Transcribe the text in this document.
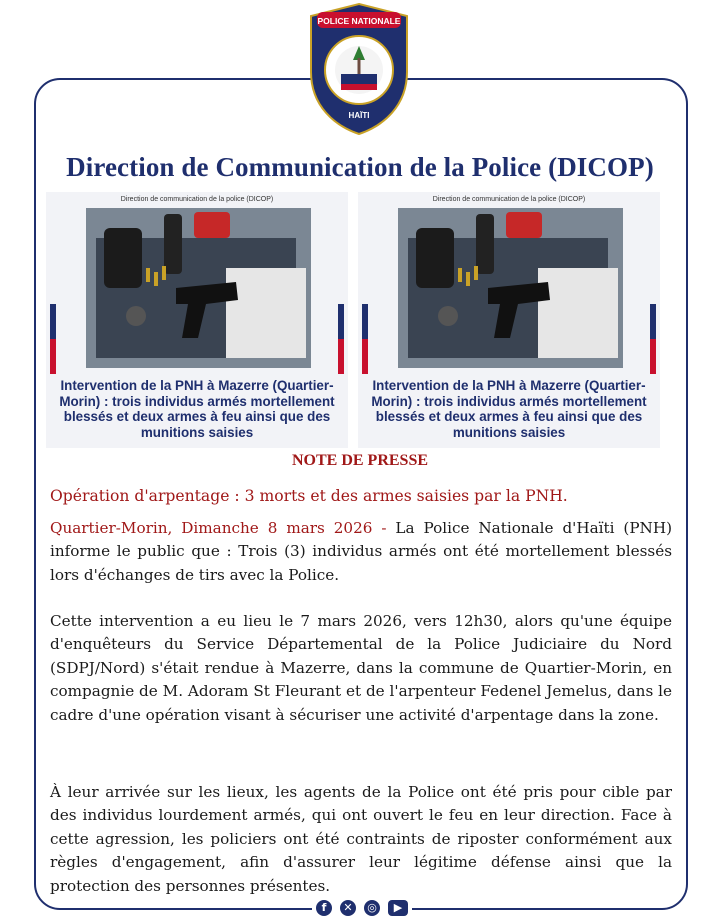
POLICE NATIONALE
HAÏTI
Direction de Communication de la Police (DICOP)
Direction de communication de la police (DICOP)
Intervention de la PNH à Mazerre (Quartier-Morin) : trois individus armés mortellement blessés et deux armes à feu ainsi que des munitions saisies
Direction de communication de la police (DICOP)
Intervention de la PNH à Mazerre (Quartier-Morin) : trois individus armés mortellement blessés et deux armes à feu ainsi que des munitions saisies
NOTE DE PRESSE
Opération d'arpentage : 3 morts et des armes saisies par la PNH.
Quartier-Morin, Dimanche 8 mars 2026 - La Police Nationale d'Haïti (PNH) informe le public que : Trois (3) individus armés ont été mortellement blessés lors d'échanges de tirs avec la Police.
Cette intervention a eu lieu le 7 mars 2026, vers 12h30, alors qu'une équipe d'enquêteurs du Service Départemental de la Police Judiciaire du Nord (SDPJ/Nord) s'était rendue à Mazerre, dans la commune de Quartier-Morin, en compagnie de M. Adoram St Fleurant et de l'arpenteur Fedenel Jemelus, dans le cadre d'une opération visant à sécuriser une activité d'arpentage dans la zone.
À leur arrivée sur les lieux, les agents de la Police ont été pris pour cible par des individus lourdement armés, qui ont ouvert le feu en leur direction. Face à cette agression, les policiers ont été contraints de riposter conformément aux règles d'engagement, afin d'assurer leur légitime défense ainsi que la protection des personnes présentes.
f	✕	◎	▶
